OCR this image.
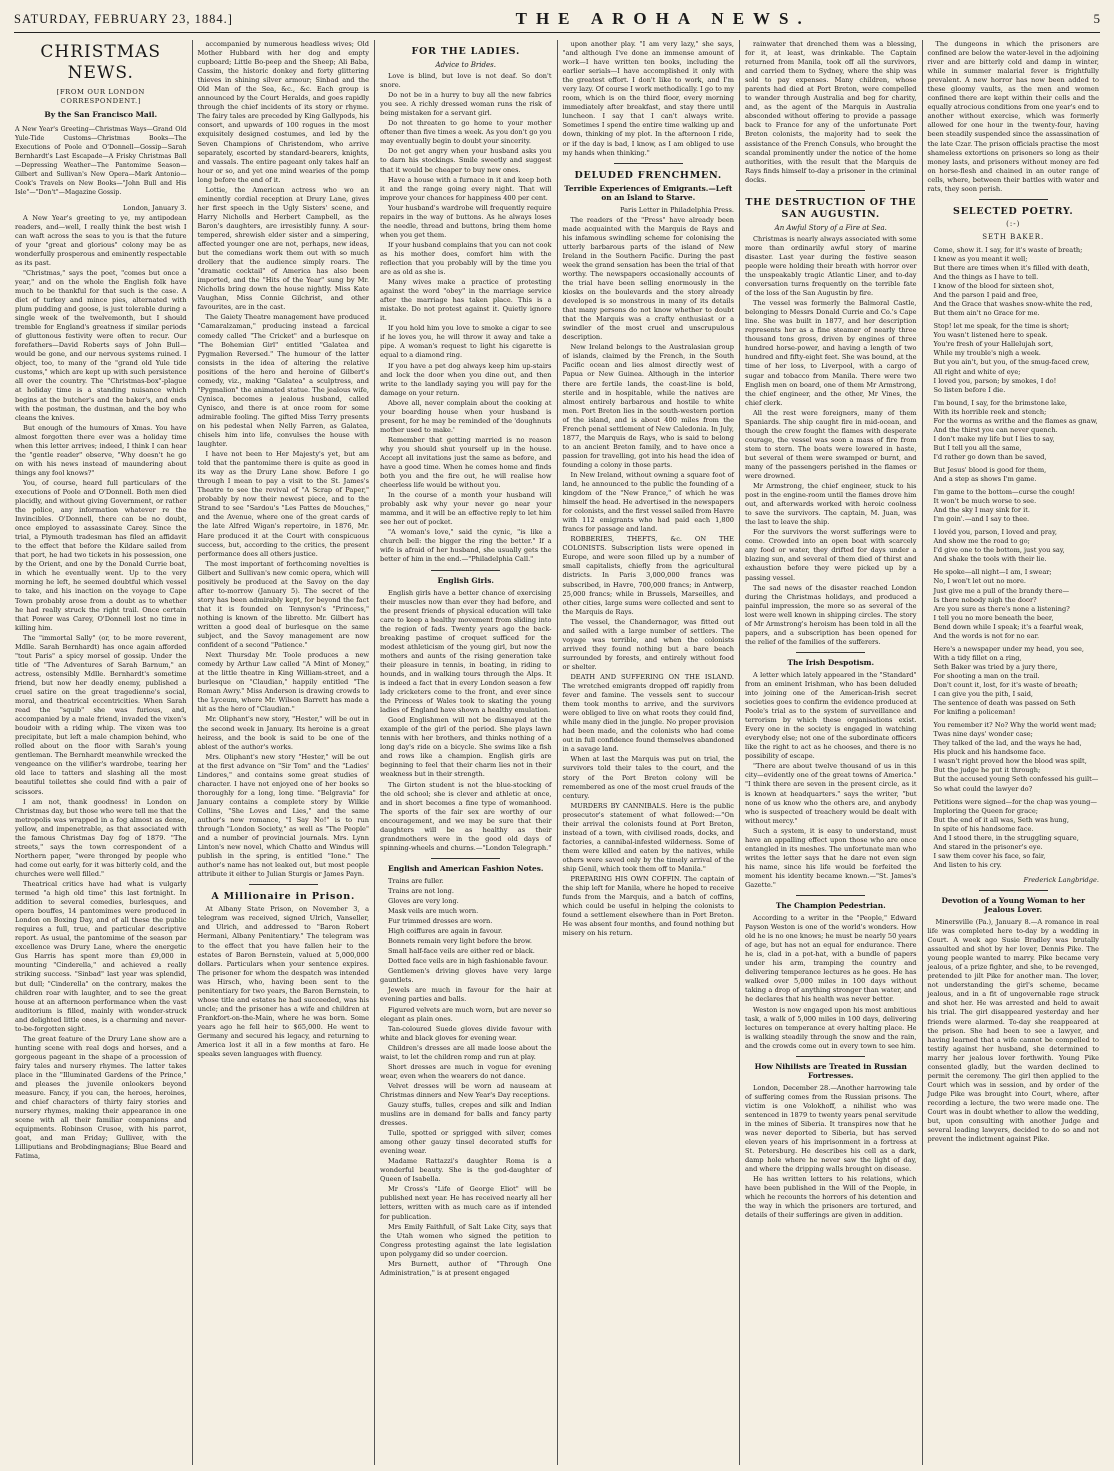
SATURDAY, FEBRUARY 23, 1884.]	THE AROHA NEWS.	5
CHRISTMAS NEWS.
[FROM OUR LONDON CORRESPONDENT.]
By the San Francisco Mail.

A New Year's Greeting—Christmas Ways—Grand Old Yule-Tide Customs—Christmas Books—The Executions of Poole and O'Donnell—Gossip—Sarah Bernhardt's Last Escapade—A Frisky Christmas Ball—Depressing Weather—The Pantomime Season—Gilbert and Sullivan's New Opera—Mark Antonio—Cook's Travels on New Books—"John Bull and His Isle"—"Don't"—Magazine Gossip.

London, January 3.

A New Year's greeting to ye, my antipodean readers, and—well, I really think the best wish I can waft across the seas to you is that the future of your "great and glorious" colony may be as wonderfully prosperous and eminently respectable as its past.

"Christmas," says the poet, "comes but once a year," and on the whole the English folk have much to be thankful for that such is the case. A diet of turkey and mince pies, alternated with plum pudding and goose, is just tolerable during a single week of the twelvemonth, but I should tremble for England's greatness if similar periods of gluttonous festivity were often to recur. Our forefathers—David Roberts says of John Bull—would be gone, and our nervous systems ruined. I object, too, to many of the "grand old Yule tide customs," which are kept up with such persistence all over the country. The "Christmas-box"-plague at holiday time is a standing nuisance which begins at the butcher's and the baker's, and ends with the postman, the dustman, and the boy who cleans the knives.

But enough of the humours of Xmas. You have almost forgotten there ever was a holiday time when this letter arrives; indeed, I think I can hear the "gentle reader" observe, "Why doesn't he go on with his news instead of maundering about things any fool knows?"

You, of course, heard full particulars of the executions of Poole and O'Donnell. Both men died placidly, and without giving Government, or rather the police, any information whatever re the Invincibles. O'Donnell, there can be no doubt, once employed to assassinate Carey. Since the trial, a Plymouth tradesman has filed an affidavit to the effect that before the Kildare sailed from that port, he had two tickets in his possession, one by the Orient, and one by the Donald Currie boat, in which he eventually went. Up to the very morning he left, he seemed doubtful which vessel to take, and his inaction on the voyage to Cape Town probably arose from a doubt as to whether he had really struck the right trail. Once certain that Power was Carey, O'Donnell lost no time in killing him.

The "immortal Sally" (or, to be more reverent, Mdlle. Sarah Bernhardt) has once again afforded "tout Paris" a spicy morsel of gossip. Under the title of "The Adventures of Sarah Barnum," an actress, ostensibly Mdlle. Bernhardt's sometime friend, but now her deadly enemy, published a cruel satire on the great tragedienne's social, moral, and theatrical eccentricities. When Sarah read the "squib" she was furious, and, accompanied by a male friend, invaded the vixen's boudoir with a riding whip. The vixen was too precipitate, but left a male champion behind, who rolled about on the floor with Sarah's young gentleman. The Bernhardt meanwhile wrecked the vengeance on the vilifier's wardrobe, tearing her old lace to tatters and slashing all the most beautiful toilettes she could find with a pair of scissors.

I am not, thank goodness! in London on Christmas day, but those who were tell me that the metropolis was wrapped in a fog almost as dense, yellow, and impenetrable, as that associated with the famous Christmas Day fog of 1879. "The streets," says the town correspondent of a Northern paper, "were thronged by people who had come out early, for it was bitterly cold, and the churches were well filled."

Theatrical critics have had what is vulgarly termed "a high old time" this last fortnight. In addition to several comedies, burlesques, and opera bouffes, 14 pantomimes were produced in London on Boxing Day, and of all these the public requires a full, true, and particular descriptive report. As usual, the pantomime of the season par excellence was Drury Lane, where the energetic Gus Harris has spent more than £9,000 in mounting "Cinderella," and achieved a really striking success. "Sinbad" last year was splendid, but dull; "Cinderella" on the contrary, makes the children roar with laughter, and to see the great house at an afternoon performance when the vast auditorium is filled, mainly with wonder-struck and delighted little ones, is a charming and never-to-be-forgotten sight.

The great feature of the Drury Lane show are a hunting scene with real dogs and horses, and a gorgeous pageant in the shape of a procession of fairy tales and nursery rhymes. The latter takes place in the "Illuminated Gardens of the Prince," and pleases the juvenile onlookers beyond measure. Fancy, if you can, the heroes, heroines, and chief characters of thirty fairy stories and nursery rhymes, making their appearance in one scene with all their familiar companions and equipments. Robinson Crusoe, with his parrot, goat, and man Friday; Gulliver, with the Lilliputians and Brobdingnagians; Blue Beard and Fatima,

accompanied by numerous headless wives; Old Mother Hubbard with her dog and empty cupboard; Little Bo-peep and the Sheep; Ali Baba, Cassim, the historic donkey and forty glittering thieves in shining silver armour; Sinbad and the Old Man of the Sea, &c., &c. Each group is announced by the Court Heralds, and goes rapidly through the chief incidents of its story or rhyme. The fairy tales are preceded by King Gallypods, his consort, and upwards of 100 rogues in the most exquisitely designed costumes, and led by the Seven Champions of Christendom, who arrive separately, escorted by standard-bearers, knights, and vassals. The entire pageant only takes half an hour or so, and yet one mind wearies of the pomp long before the end of it.

Lottie, the American actress who wo an eminently cordial reception at Drury Lane, gives her first speech in the Ugly Sisters' scene, and Harry Nicholls and Herbert Campbell, as the Baron's daughters, are irresistibly funny. A sour-tempered, shrewish elder sister and a simpering, affected younger one are not, perhaps, new ideas, but the comedians work them out with so much drollery that the audience simply roars. The "dramatic cocktail" of America has also been imported, and the "Hits of the Year" sung by Mr. Nicholls bring down the house nightly. Miss Kate Vaughan, Miss Connie Gilchrist, and other favourites, are in the cast.

The Gaiety Theatre management have produced "Camaralzaman," producing instead a farcical comedy called "The Cricket" and a burlesque on "The Bohemian Girl" entitled "Galatea and Pygmalion Reversed." The humour of the latter consists in the idea of altering the relative positions of the hero and heroine of Gilbert's comedy, viz., making "Galatea" a sculptress, and "Pygmalion" the animated statue. The jealous wife, Cynisca, becomes a jealous husband, called Cynisco, and there is at once room for some admirable fooling. The gifted Miss Terry presents on his pedestal when Nelly Farren, as Galatea, chisels him into life, convulses the house with laughter.

I have not been to Her Majesty's yet, but am told that the pantomime there is quite as good in its way as the Drury Lane show. Before I go through I mean to pay a visit to the St. James's Theatre to see the revival of "A Scrap of Paper," probably by now their newest piece, and to the Strand to see "Sardou's "Les Pattes de Mouches," and the Avenue, where one of the great cards of the late Alfred Wigan's repertoire, in 1876, Mr. Hare produced it at the Court with conspicuous success, but, according to the critics, the present performance does all others justice.

The most important of forthcoming novelties is Gilbert and Sullivan's new comic opera, which will positively be produced at the Savoy on the day after to-morrow (January 5). The secret of the story has been admirably kept, for beyond the fact that it is founded on Tennyson's "Princess," nothing is known of the libretto. Mr. Gilbert has written a good deal of burlesque on the same subject, and the Savoy management are now confident of a second "Patience."

Next Thursday Mr. Toole produces a new comedy by Arthur Law called "A Mint of Money," at the little theatre in King William-street, and a burlesque on "Claudian," happily entitled "The Roman Awry." Miss Anderson is drawing crowds to the Lyceum, where Mr. Wilson Barrett has made a hit as the hero of "Claudian."

Mr. Oliphant's new story, "Hester," will be out in the second week in January. Its heroine is a great heiress, and the book is said to be one of the ablest of the author's works.

Mrs. Oliphant's new story "Hester," will be out at the first advance on "Sir Tom" and the "Ladies' Lindores," and contains some great studies of character. I have not enjoyed one of her books so thoroughly for a long, long time. "Belgravia" for January contains a complete story by Wilkie Collins, "She Loves and Lies," and the same author's new romance, "I Say No!" is to run through "London Society," as well as "The People" and a number of provincial journals. Mrs. Lynn Linton's new novel, which Chatto and Windus will publish in the spring, is entitled "Ione." The author's name has not leaked out, but most people attribute it either to Julian Sturgis or James Payn.

A Millionaire in Prison.

At Albany State Prison, on November 3, a telegram was received, signed Ulrich, Vanseller, and Ulrich, and addressed to "Baron Robert Hermani, Albany Penitentiary." The telegram was to the effect that you have fallen heir to the estates of Baron Bernstein, valued at 5,000,000 dollars. Particulars when your sentence expires. The prisoner for whom the despatch was intended was Hirsch, who, having been sent to the penitentiary for two years, the Baron Bernstein, to whose title and estates he had succeeded, was his uncle; and the prisoner has a wife and children at Frankfort-on-the-Main, where he was born. Some years ago he fell heir to $65,000. He went to Germany and secured his legacy, and returning to America lost it all in a few months at faro. He speaks seven languages with fluency.

FOR THE LADIES.
Advice to Brides.

Love is blind, but love is not deaf. So don't snore.

Do not be in a hurry to buy all the new fabrics you see. A richly dressed woman runs the risk of being mistaken for a servant girl.

Do not threaten to go home to your mother oftener than five times a week. As you don't go you may eventually begin to doubt your sincerity.

Do not get angry when your husband asks you to darn his stockings. Smile sweetly and suggest that it would be cheaper to buy new ones.

Have a house with a furnace in it and keep both it and the range going every night. That will improve your chances for happiness 400 per cent.

Your husband's wardrobe will frequently require repairs in the way of buttons. As he always loses the needle, thread and buttons, bring them home when you get them.

If your husband complains that you can not cook as his mother does, comfort him with the reflection that you probably will by the time you are as old as she is.

Many wives make a practice of protesting against the word "obey" in the marriage service after the marriage has taken place. This is a mistake. Do not protest against it. Quietly ignore it.

If you hold him you love to smoke a cigar to see if he loves you, he will throw it away and take a pipe. A woman's request to light his cigarette is equal to a diamond ring.

If you have a pet dog always keep him up-stairs and lock the door when you dine out, and then write to the landlady saying you will pay for the damage on your return.

Above all, never complain about the cooking at your boarding house when your husband is present, for he may be reminded of the 'doughnuts mother used to make.'

Remember that getting married is no reason why you should shut yourself up in the house. Accept all invitations just the same as before, and have a good time. When he comes home and finds both you and the fire out, he will realise how cheerless life would be without you.

In the course of a month your husband will probably ask why your never go near your mamma, and it will be an effective reply to let him see her out of pocket.

"A woman's love," said the cynic, "is like a church bell: the bigger the ring the better." If a wife is afraid of her husband, she usually gets the better of him in the end.—"Philadelphia Call."

English Girls.

English girls have a better chance of exercising their muscles now than ever they had before, and the present friends of physical education will take care to keep a healthy movement from sliding into the region of fads. Twenty years ago the back-breaking pastime of croquet sufficed for the modest athleticism of the young girl, but now the mothers and aunts of the rising generation take their pleasure in tennis, in boating, in riding to hounds, and in walking tours through the Alps. It is indeed a fact that in every London season a few lady cricketers come to the front, and ever since the Princess of Wales took to skating the young ladies of England have shown a healthy emulation.

Good Englishmen will not be dismayed at the example of the girl of the period. She plays lawn tennis with her brothers, and thinks nothing of a long day's ride on a bicycle. She swims like a fish and rows like a champion. English girls are beginning to feel that their charm lies not in their weakness but in their strength.

The Girton student is not the blue-stocking of the old school; she is clever and athletic at once, and in short becomes a fine type of womanhood. The sports of the fair sex are worthy of our encouragement, and we may be sure that their daughters will be as healthy as their grandmothers were in the good old days of spinning-wheels and churns.—"London Telegraph."

English and American Fashion Notes.

Trains are fuller.

Trains are not long.

Gloves are very long.

Mask veils are much worn.

Fur trimmed dresses are worn.

High coiffures are again in favour.

Bonnets remain very light before the brow.

Small half-face veils are either red or black.

Dotted face veils are in high fashionable favour.

Gentlemen's driving gloves have very large gauntlets.

Jewels are much in favour for the hair at evening parties and balls.

Figured velvets are much worn, but are never so elegant as plain ones.

Tan-coloured Suede gloves divide favour with white and black gloves for evening wear.

Children's dresses are all made loose about the waist, to let the children romp and run at play.

Short dresses are much in vogue for evening wear, even when the wearers do not dance.

Velvet dresses will be worn ad nauseam at Christmas dinners and New Year's Day receptions.

Gauzy stuffs, tulles, crepes and silk and Indian muslins are in demand for balls and fancy party dresses.

Tulle, spotted or sprigged with silver, comes among other gauzy tinsel decorated stuffs for evening wear.

Madame Rattazzi's daughter Roma is a wonderful beauty. She is the god-daughter of Queen of Isabella.

Mr Cross's "Life of George Eliot" will be published next year. He has received nearly all her letters, written with as much care as if intended for publication.

Mrs Emily Faithfull, of Salt Lake City, says that the Utah women who signed the petition to Congress protesting against the late legislation upon polygamy did so under coercion.

Mrs Burnett, author of "Through One Administration," is at present engaged

upon another play. "I am very lazy," she says, "and although I've done an immense amount of work—I have written ten books, including the earlier serials—I have accomplished it only with the greatest effort. I don't like to work, and I'm very lazy. Of course I work methodically. I go to my room, which is on the third floor, every morning immediately after breakfast, and stay there until luncheon. I say that I can't always write. Sometimes I spend the entire time walking up and down, thinking of my plot. In the afternoon I ride, or if the day is bad, I know, as I am obliged to use my hands when thinking."

DELUDED FRENCHMEN.
Terrible Experiences of Emigrants.—Left on an Island to Starve.

Paris Letter in Philadelphia Press.

The readers of the "Press" have already been made acquainted with the Marquis de Rays and his infamous swindling scheme for colonising the utterly barbarous parts of the island of New Ireland in the Southern Pacific. During the past week the grand sensation has been the trial of that worthy. The newspapers occasionally accounts of the trial have been selling enormously in the kiosks on the boulevards and the story already developed is so monstrous in many of its details that many persons do not know whether to doubt that the Marquis was a crafty enthusiast or a swindler of the most cruel and unscrupulous description.

New Ireland belongs to the Australasian group of islands, claimed by the French, in the South Pacific ocean and lies almost directly west of Papua or New Guinea. Although in the interior there are fertile lands, the coast-line is bold, sterile and in hospitable, while the natives are almost entirely barbarous and hostile to white men. Port Breton lies in the south-western portion of the island, and is about 400 miles from the French penal settlement of New Caledonia. In July, 1877, the Marquis de Rays, who is said to belong to an ancient Breton family, and to have once a passion for travelling, got into his head the idea of founding a colony in those parts.

In New Ireland, without owning a square foot of land, he announced to the public the founding of a kingdom of the "New France," of which he was himself the head. He advertised in the newspapers for colonists, and the first vessel sailed from Havre with 112 emigrants who had paid each 1,800 francs for passage and land.

ROBBERIES, THEFTS, &c. ON THE COLONISTS. Subscription lists were opened in Europe, and were soon filled up by a number of small capitalists, chiefly from the agricultural districts. In Paris 3,000,000 francs was subscribed, in Havre, 700,000 francs; in Antwerp, 25,000 francs; while in Brussels, Marseilles, and other cities, large sums were collected and sent to the Marquis de Rays.

The vessel, the Chandernagor, was fitted out and sailed with a large number of settlers. The voyage was terrible, and when the colonists arrived they found nothing but a bare beach surrounded by forests, and entirely without food or shelter.

DEATH AND SUFFERING ON THE ISLAND. The wretched emigrants dropped off rapidly from fever and famine. The vessels sent to succour them took months to arrive, and the survivors were obliged to live on what roots they could find, while many died in the jungle. No proper provision had been made, and the colonists who had come out in full confidence found themselves abandoned in a savage land.

When at last the Marquis was put on trial, the survivors told their tales to the court, and the story of the Port Breton colony will be remembered as one of the most cruel frauds of the century.

MURDERS BY CANNIBALS. Here is the public prosecutor's statement of what followed:—"On their arrival the colonists found at Port Breton, instead of a town, with civilised roads, docks, and factories, a cannibal-infested wilderness. Some of them were killed and eaten by the natives, while others were saved only by the timely arrival of the ship Genil, which took them off to Manila."

PREPARING HIS OWN COFFIN. The captain of the ship left for Manila, where he hoped to receive funds from the Marquis, and a batch of coffins, which could be useful in helping the colonists to found a settlement elsewhere than in Port Breton. He was absent four months, and found nothing but misery on his return.

rainwater that drenched them was a blessing, for it, at least, was drinkable. The Captain returned from Manila, took off all the survivors, and carried them to Sydney, where the ship was sold to pay expenses. Many children, whose parents had died at Port Breton, were compelled to wander through Australia and beg for charity, and, as the agent of the Marquis in Australia absconded without offering to provide a passage back to France for any of the unfortunate Port Breton colonists, the majority had to seek the assistance of the French Consuls, who brought the scandal prominently under the notice of the home authorities, with the result that the Marquis de Rays finds himself to-day a prisoner in the criminal docks.

THE DESTRUCTION OF THE SAN AUGUSTIN.
An Awful Story of a Fire at Sea.

Christmas is nearly always associated with some more than ordinarily awful story of marine disaster. Last year during the festive season people were holding their breath with horror over the unspeakably tragic Atlantic Liner, and to-day conversation turns frequently on the terrible fate of the loss of the San Augustin by fire.

The vessel was formerly the Balmoral Castle, belonging to Messrs Donald Currie and Co.'s Cape line. She was built in 1877, and her description represents her as a fine steamer of nearly three thousand tons gross, driven by engines of three hundred horse-power, and having a length of two hundred and fifty-eight feet. She was bound, at the time of her loss, to Liverpool, with a cargo of sugar and tobacco from Manila. There were two English men on board, one of them Mr Armstrong, the chief engineer, and the other, Mr Vines, the chief clerk.

All the rest were foreigners, many of them Spaniards. The ship caught fire in mid-ocean, and though the crew fought the flames with desperate courage, the vessel was soon a mass of fire from stem to stern. The boats were lowered in haste, but several of them were swamped or burnt, and many of the passengers perished in the flames or were drowned.

Mr Armstrong, the chief engineer, stuck to his post in the engine-room until the flames drove him out, and afterwards worked with heroic coolness to save the survivors. The captain, M. Juan, was the last to leave the ship.

For the survivors the worst sufferings were to come. Crowded into an open boat with scarcely any food or water, they drifted for days under a blazing sun, and several of them died of thirst and exhaustion before they were picked up by a passing vessel.

The sad news of the disaster reached London during the Christmas holidays, and produced a painful impression, the more so as several of the lost were well known in shipping circles. The story of Mr Armstrong's heroism has been told in all the papers, and a subscription has been opened for the relief of the families of the sufferers.

The Irish Despotism.

A letter which lately appeared in the "Standard" from an eminent Irishman, who has been deluded into joining one of the American-Irish secret societies goes to confirm the evidence produced at Poole's trial as to the system of surveillance and terrorism by which these organisations exist. Every one in the society is engaged in watching everybody else; not one of the subordinate officers like the right to act as he chooses, and there is no possibility of escape.

"There are about twelve thousand of us in this city—evidently one of the great towns of America." "I think there are seven in the present circle, as it is known at headquarters." says the writer, "but none of us know who the others are, and anybody who is suspected of treachery would be dealt with without mercy."

Such a system, it is easy to understand, must have an appalling effect upon those who are once entangled in its meshes. The unfortunate man who writes the letter says that he dare not even sign his name, since his life would be forfeited the moment his identity became known.—"St. James's Gazette."

The Champion Pedestrian.

According to a writer in the "People," Edward Payson Weston is one of the world's wonders. How old he is no one knows; he must be nearly 50 years of age, but has not an equal for endurance. There he is, clad in a pot-hat, with a bundle of papers under his arm, tramping the country and delivering temperance lectures as he goes. He has walked over 5,000 miles in 100 days without taking a drop of anything stronger than water, and he declares that his health was never better.

Weston is now engaged upon his most ambitious task, a walk of 5,000 miles in 100 days, delivering lectures on temperance at every halting place. He is walking steadily through the snow and the rain, and the crowds come out in every town to see him.

How Nihilists are Treated in Russian Fortresses.

London, December 28.—Another harrowing tale of suffering comes from the Russian prisons. The victim is one Volokhoff, a nihilist who was sentenced in 1879 to twenty years penal servitude in the mines of Siberia. It transpires now that he was never deported to Siberia, but has served eleven years of his imprisonment in a fortress at St. Petersburg. He describes his cell as a dark, damp hole where he never saw the light of day, and where the dripping walls brought on disease.

He has written letters to his relations, which have been published in the Will of the People, in which he recounts the horrors of his detention and the way in which the prisoners are tortured, and details of their sufferings are given in addition.

The dungeons in which the prisoners are confined are below the water-level in the adjoining river and are bitterly cold and damp in winter, while in summer malarial fever is frightfully prevalent. A new horror has now been added to these gloomy vaults, as the men and women confined there are kept within their cells and the equally atrocious conditions from one year's end to another without exercise, which was formerly allowed for one hour in the twenty-four, having been steadily suspended since the assassination of the late Czar. The prison officials practise the most shameless extortions on prisoners so long as their money lasts, and prisoners without money are fed on horse-flesh and chained in an outer range of cells, where, between their battles with water and rats, they soon perish.

SELECTED POETRY.
(:-)
SETH BAKER.

Come, show it. I say, for it's waste of breath;

I knew as you meant it well;

But there are times when it's filled with death,

And the things as I have to tell.

I know of the blood for sixteen shot,

And the parson I paid and free,

And the Grace that washes snow-white the red,

But them ain't no Grace for me.

Stop! let me speak, for the time is short;

You wasn't listened here to speak.

You're fresh of your Hallelujah sort,

While my trouble's nigh a week.

But you ain't, but you, of the smug-faced crew,

All right and white of eye;

I loved you, parson; by smokes, I do!

So listen before I die.

I'm bound, I say, for the brimstone lake,

With its horrible reek and stench;

For the worms as writhe and the flames as gnaw,

And the thirst you can never quench.

I don't make my life but I lies to say,

But I tell you all the same,

I'd rather go down than be saved,

But Jesus' blood is good for them,

And a step as shows I'm game.

I'm game to the bottom—curse the cough!

It won't be much worse to see.

And the sky I may sink for it.

I'm goin'.—and I say to thee.

I lovéd you, parson, I loved and pray,

And show me the road to go;

I'd give one to the bottom, just you say,

And shake the tools with their lie.

He spoke—all night—I am, I swear;

No, I won't let out no more.

Just give me a pull of the brandy there—

Is there nobody nigh the door?

Are you sure as there's none a listening?

I tell you no more beneath the beer,

Bend down while I speak; it's a fearful weak,

And the words is not for no ear.

Here's a newspaper under my head, you see,

With a tidy fillet on a ring,

Seth Baker was tried by a jury there,

For shooting a man on the trail.

Don't count it, lost, for it's waste of breath;

I can give you the pith, I said,

The sentence of death was passed on Seth

For knifing a policeman!

You remember it? No? Why the world went mad;

Twas nine days' wonder case;

They talked of the lad, and the ways he had,

His pluck and his handsome face.

I wasn't right proved how the blood was spilt,

But the judge he put it through;

But the accused young Seth confessed his guilt—

So what could the lawyer do?

Petitions were signed—for the chap was young—

Imploring the Queen for grace;

But the end of it all was, Seth was hung,

In spite of his handsome face.

And I stood there, in the struggling square,

And stared in the prisoner's eye.

I saw them cover his face, so fair,

And listen to his cry.

Frederick Langbridge.

Devotion of a Young Woman to her Jealous Lover.

Minersville (Pa.), January 8.—A romance in real life was completed here to-day by a wedding in Court. A week ago Susie Bradley was brutally assaulted and shot by her lover, Dennis Pike. The young people wanted to marry. Pike became very jealous, of a prize fighter, and she, to be revenged, pretended to jilt Pike for another man. The lover, not understanding the girl's scheme, became jealous, and in a fit of ungovernable rage struck and shot her. He was arrested and held to await his trial. The girl disappeared yesterday and her friends were alarmed. To-day she reappeared at the prison. She had been to see a lawyer, and having learned that a wife cannot be compelled to testify against her husband, she determined to marry her jealous lover forthwith. Young Pike consented gladly, but the warden declined to permit the ceremony. The girl then applied to the Court which was in session, and by order of the Judge Pike was brought into Court, where, after recording a lecture, the two were made one. The Court was in doubt whether to allow the wedding, but, upon consulting with another Judge and several leading lawyers, decided to do so and not prevent the indictment against Pike.
